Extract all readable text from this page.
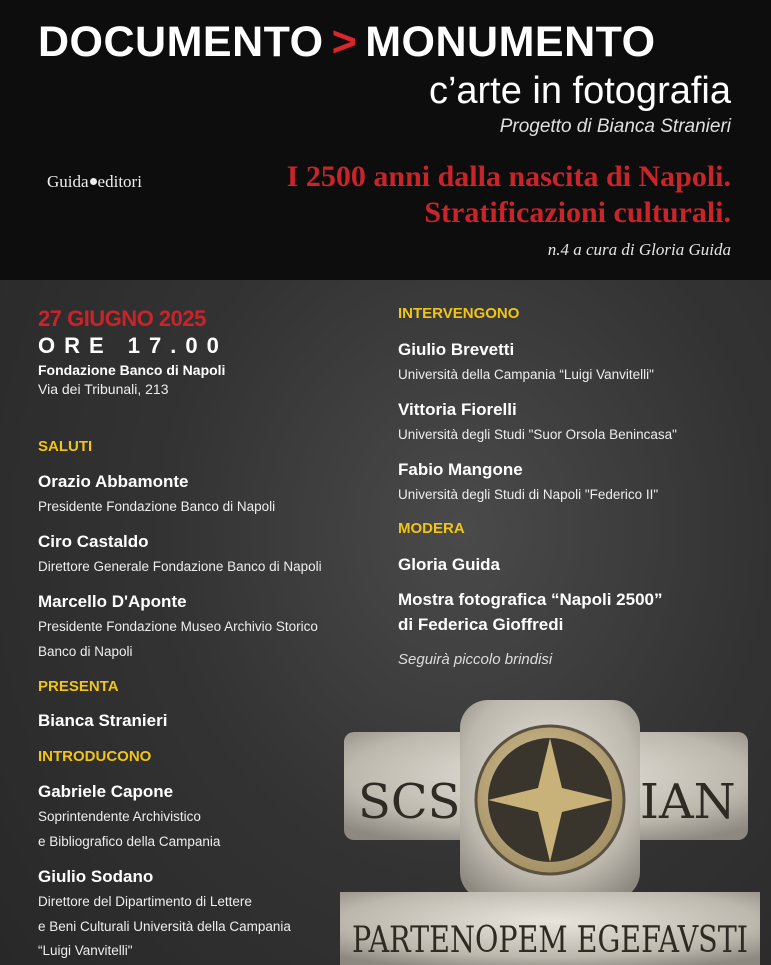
DOCUMENTO > MONUMENTO
c’arte in fotografia
Progetto di Bianca Stranieri
Guida editori	I 2500 anni dalla nascita di Napoli.
Stratificazioni culturali.
n.4 a cura di Gloria Guida
27 GIUGNO 2025
ORE 17.00
Fondazione Banco di Napoli
Via dei Tribunali, 213
SALUTI
Orazio Abbamonte
Presidente Fondazione Banco di Napoli
Ciro Castaldo
Direttore Generale Fondazione Banco di Napoli
Marcello D'Aponte
Presidente Fondazione Museo Archivio Storico
Banco di Napoli
PRESENTA
Bianca Stranieri
INTRODUCONO
Gabriele Capone
Soprintendente Archivistico
e Bibliografico della Campania
Giulio Sodano
Direttore del Dipartimento di Lettere
e Beni Culturali Università della Campania
“Luigi Vanvitelli"
INTERVENGONO
Giulio Brevetti
Università della Campania “Luigi Vanvitelli"
Vittoria Fiorelli
Università degli Studi "Suor Orsola Benincasa"
Fabio Mangone
Università degli Studi di Napoli "Federico II"
MODERA
Gloria Guida
Mostra fotografica “Napoli 2500”
di Federica Gioffredi
Seguirà piccolo brindisi
SCS	IAN
PARTENOPEM EGEFAVSTI
